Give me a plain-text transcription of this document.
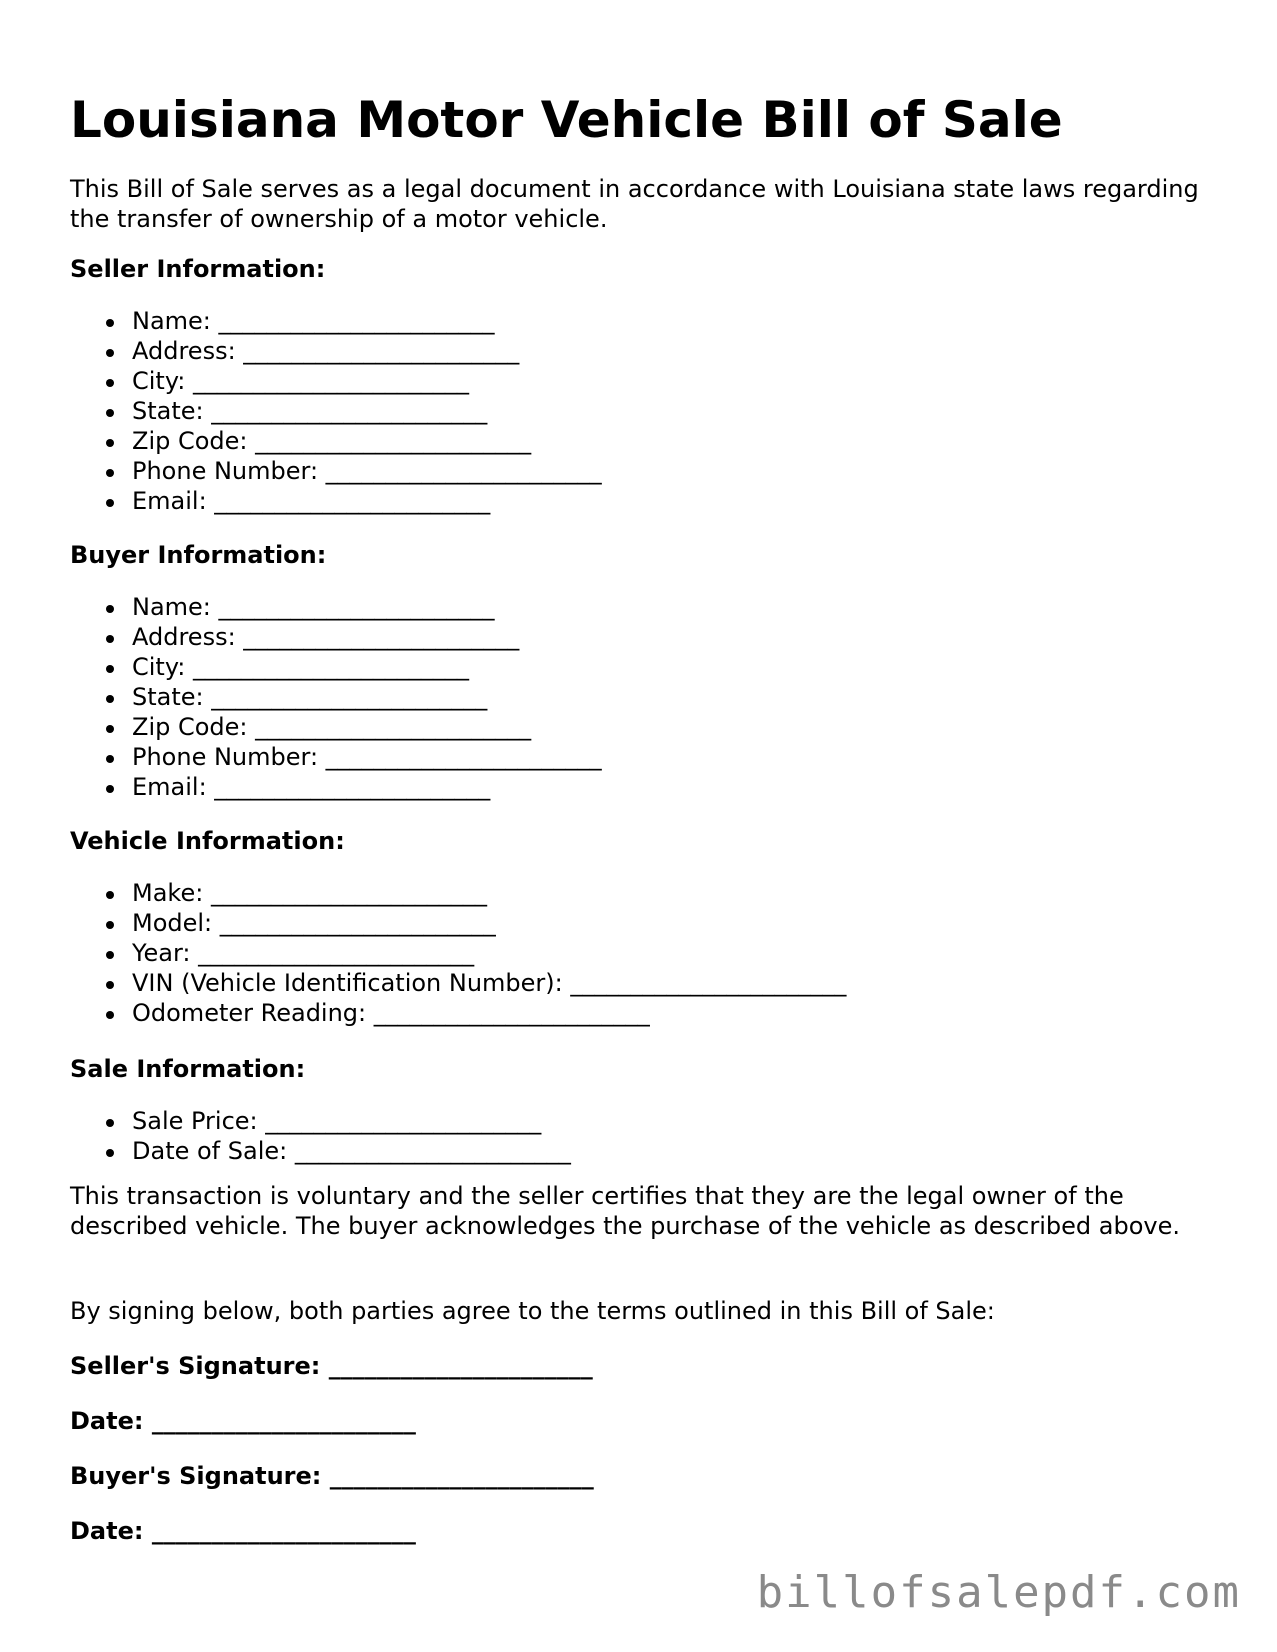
Louisiana Motor Vehicle Bill of Sale

This Bill of Sale serves as a legal document in accordance with Louisiana state laws regarding the transfer of ownership of a motor vehicle.

Seller Information:

Name: _______________________
Address: _______________________
City: _______________________
State: _______________________
Zip Code: _______________________
Phone Number: _______________________
Email: _______________________

Buyer Information:

Name: _______________________
Address: _______________________
City: _______________________
State: _______________________
Zip Code: _______________________
Phone Number: _______________________
Email: _______________________

Vehicle Information:

Make: _______________________
Model: _______________________
Year: _______________________
VIN (Vehicle Identification Number): _______________________
Odometer Reading: _______________________

Sale Information:

Sale Price: _______________________
Date of Sale: _______________________

This transaction is voluntary and the seller certifies that they are the legal owner of the described vehicle. The buyer acknowledges the purchase of the vehicle as described above.

By signing below, both parties agree to the terms outlined in this Bill of Sale:

Seller's Signature: ______________________

Date: ______________________

Buyer's Signature: ______________________

Date: ______________________

billofsalepdf.com
